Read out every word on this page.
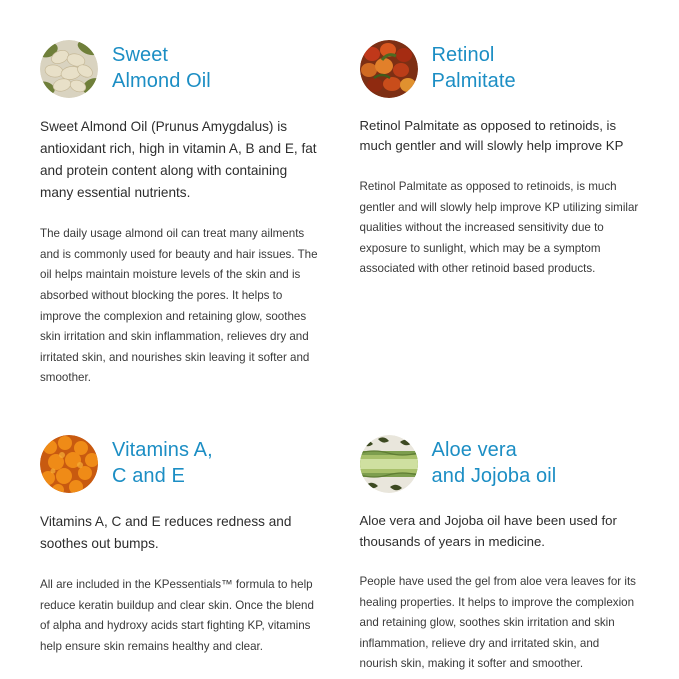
Sweet
Almond Oil

Sweet Almond Oil (Prunus Amygdalus) is antioxidant rich, high in vitamin A, B and E, fat and protein content along with containing many essential nutrients.

The daily usage almond oil can treat many ailments and is commonly used for beauty and hair issues. The oil helps maintain moisture levels of the skin and is absorbed without blocking the pores. It helps to improve the complexion and retaining glow, soothes skin irritation and skin inflammation, relieves dry and irritated skin, and nourishes skin leaving it softer and smoother.

Retinol
Palmitate

Retinol Palmitate as opposed to retinoids, is much gentler and will slowly help improve KP

Retinol Palmitate as opposed to retinoids, is much gentler and will slowly help improve KP utilizing similar qualities without the increased sensitivity due to exposure to sunlight, which may be a symptom associated with other retinoid based products.

Vitamins A,
C and E

Vitamins A, C and E reduces redness and soothes out bumps.

All are included in the KPessentials™ formula to help reduce keratin buildup and clear skin. Once the blend of alpha and hydroxy acids start fighting KP, vitamins help ensure skin remains healthy and clear.

Aloe vera
and Jojoba oil

Aloe vera and Jojoba oil have been used for thousands of years in medicine.

People have used the gel from aloe vera leaves for its healing properties. It helps to improve the complexion and retaining glow, soothes skin irritation and skin inflammation, relieve dry and irritated skin, and nourish skin, making it softer and smoother.
